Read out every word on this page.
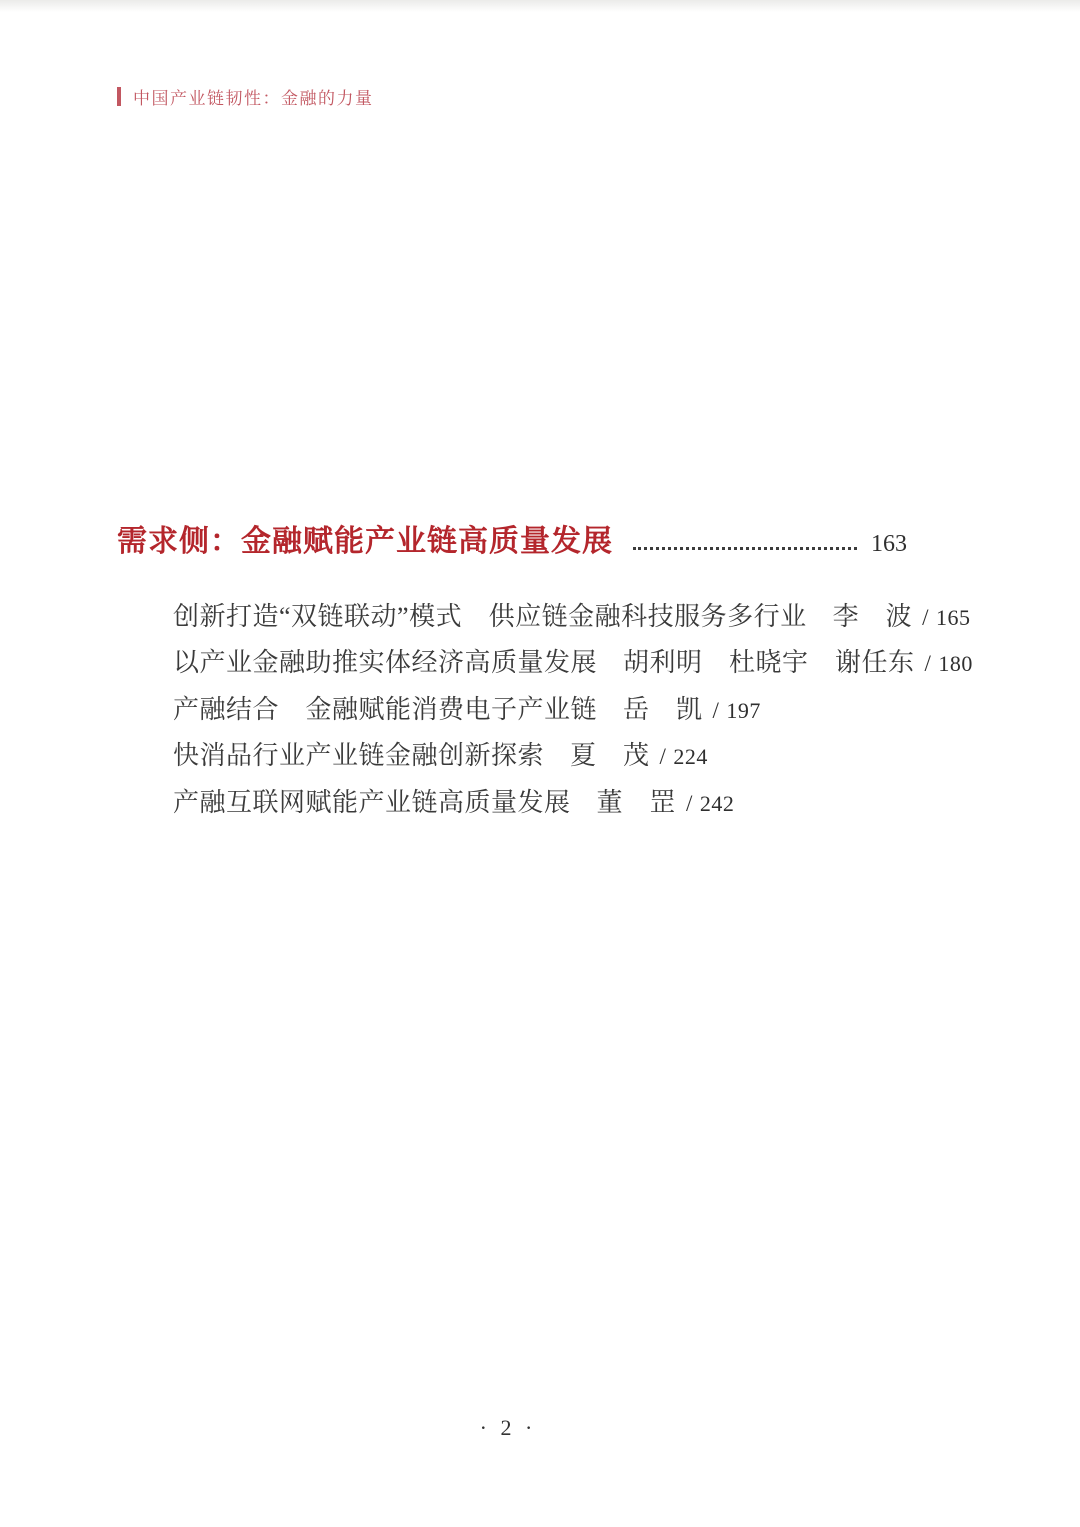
中国产业链韧性：金融的力量
需求侧：金融赋能产业链高质量发展	163
创新打造“双链联动”模式　供应链金融科技服务多行业 李　波 / 165
以产业金融助推实体经济高质量发展 胡利明　杜晓宇　谢任东 / 180
产融结合　金融赋能消费电子产业链 岳　凯 / 197
快消品行业产业链金融创新探索 夏　茂 / 224
产融互联网赋能产业链高质量发展 董　罡 / 242
· 2 ·
